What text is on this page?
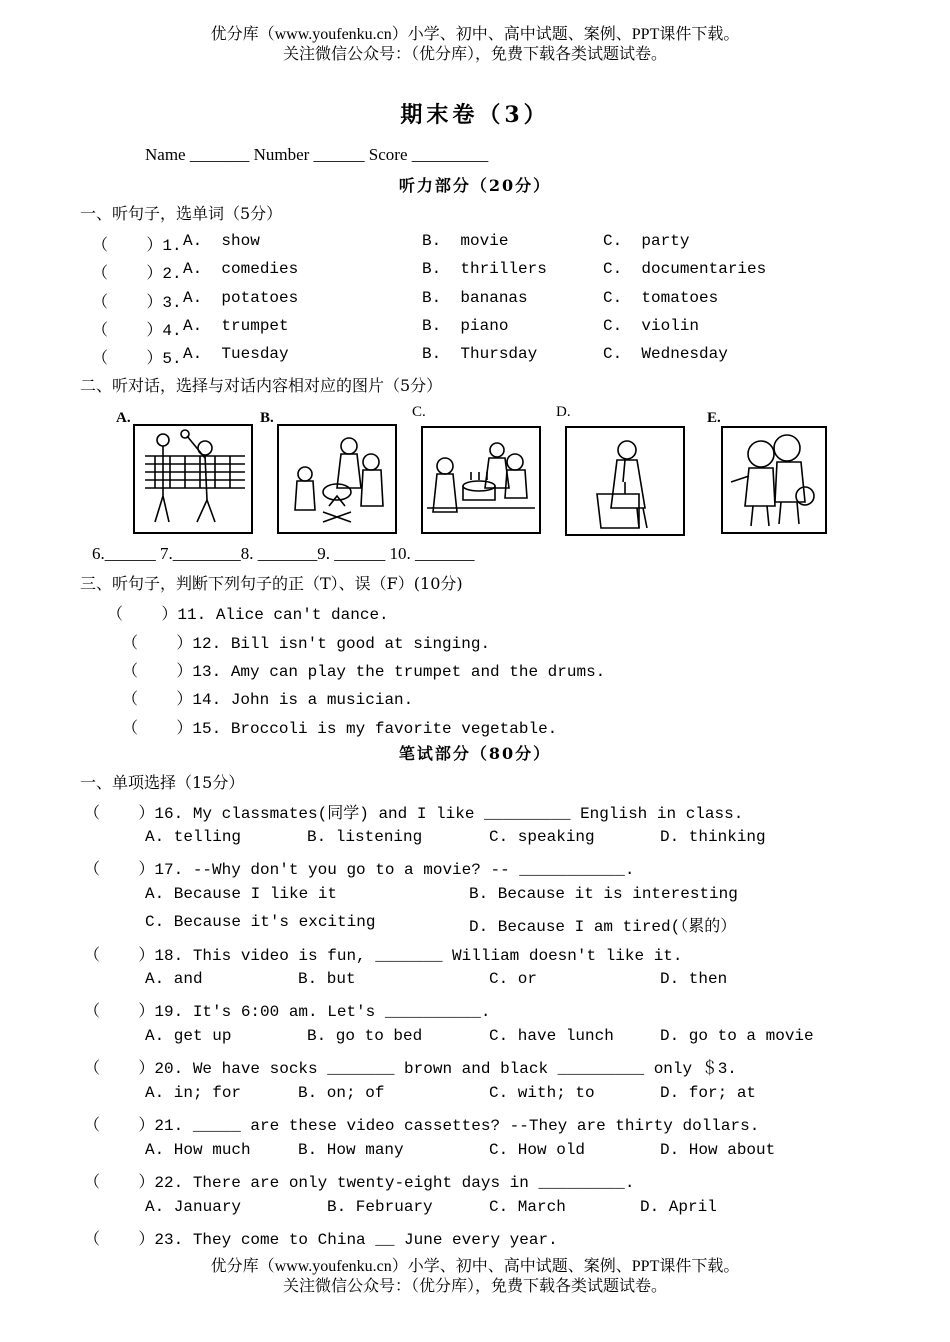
优分库（www.youfenku.cn）小学、初中、高中试题、案例、PPT课件下载。
关注微信公众号：（优分库），免费下载各类试题试卷。
期末卷（3）
Name _______ Number ______ Score _________
听力部分（20分）
一、听句子，选单词（5分）
（    ）1. A.  show	B.  movie	C.  party
（    ）2. A.  comedies	B.  thrillers	C.  documentaries
（    ）3. A.  potatoes	B.  bananas	C.  tomatoes
（    ）4. A.  trumpet	B.  piano	C.  violin
（    ）5. A.  Tuesday	B.  Thursday	C.  Wednesday
二、听对话，选择与对话内容相对应的图片（5分）
A.	B.	C.	D.	E.
6.______ 7.________8. _______9. ______ 10. _______
三、听句子，判断下列句子的正（T）、误（F）(10分)
（    ）11. Alice can't dance.
（    ）12. Bill isn't good at singing.
（    ）13. Amy can play the trumpet and the drums.
（    ）14. John is a musician.
（    ）15. Broccoli is my favorite vegetable.
笔试部分（80分）
一、单项选择（15分）
（    ）16. My classmates(同学) and I like _________ English in class.
A. telling	B. listening	C. speaking	D. thinking
（    ）17. --Why don't you go to a movie? -- ___________.
A. Because I like it	B. Because it is interesting
C. Because it's exciting	D. Because I am tired(（累的）
（    ）18. This video is fun, _______ William doesn't like it.
A. and	B. but	C. or	D. then
（    ）19. It's 6:00 am. Let's __________.
A. get up	B. go to bed	C. have lunch	D. go to a movie
（    ）20. We have socks _______ brown and black _________ only ＄3.
A. in; for	B. on; of	C. with; to	D. for; at
（    ）21. _____ are these video cassettes? --They are thirty dollars.
A. How much	B. How many	C. How old	D. How about
（    ）22. There are only twenty-eight days in _________.
A. January	B. February	C. March	D. April
（    ）23. They come to China __ June every year.
优分库（www.youfenku.cn）小学、初中、高中试题、案例、PPT课件下载。
关注微信公众号：（优分库），免费下载各类试题试卷。
